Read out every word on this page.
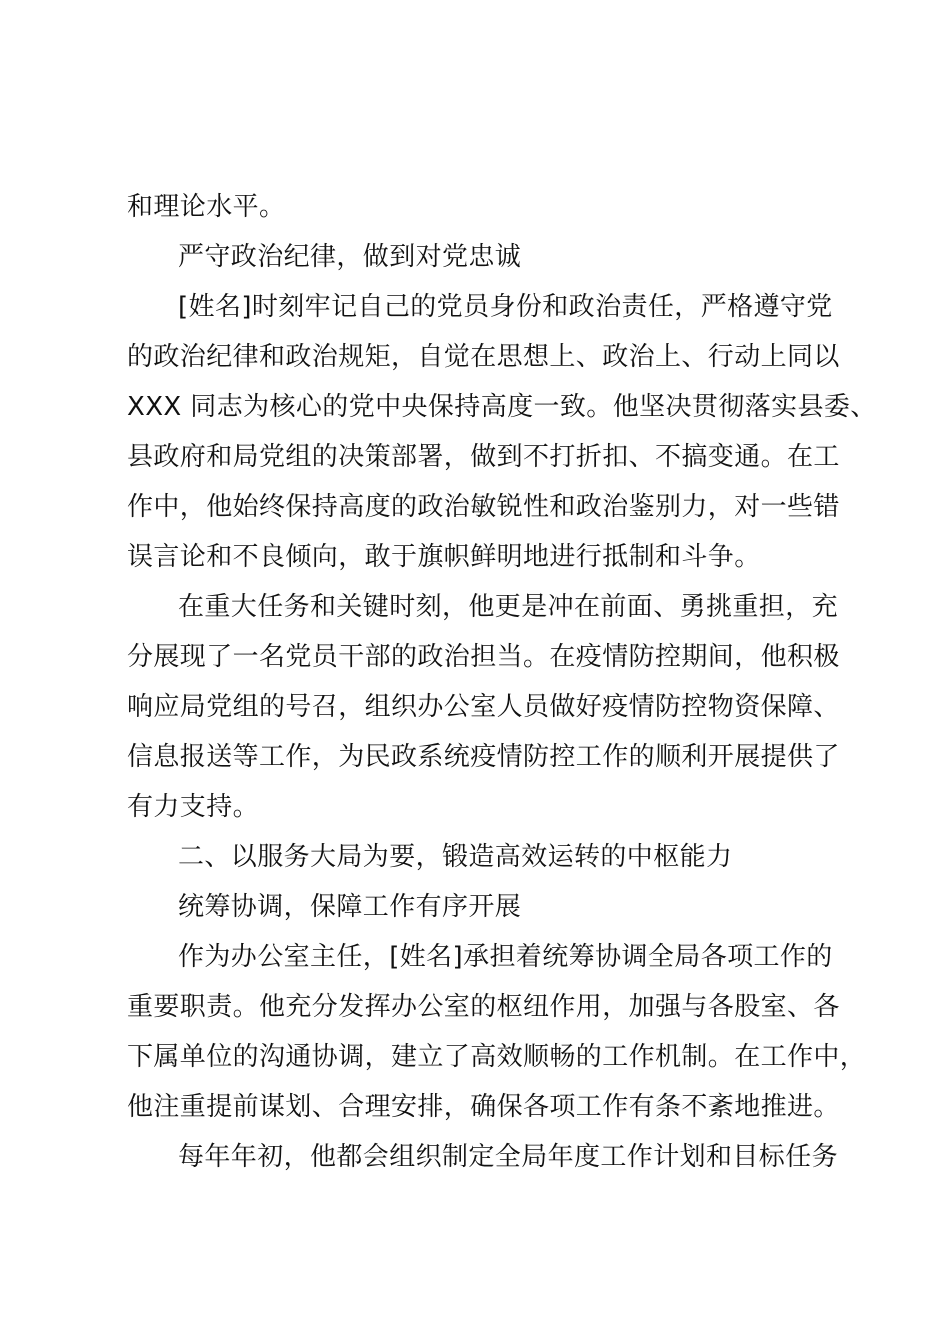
和理论水平。
严守政治纪律，做到对党忠诚
[姓名]时刻牢记自己的党员身份和政治责任，严格遵守党
的政治纪律和政治规矩，自觉在思想上、政治上、行动上同以
XXX 同志为核心的党中央保持高度一致。他坚决贯彻落实县委、
县政府和局党组的决策部署，做到不打折扣、不搞变通。在工
作中，他始终保持高度的政治敏锐性和政治鉴别力，对一些错
误言论和不良倾向，敢于旗帜鲜明地进行抵制和斗争。
在重大任务和关键时刻，他更是冲在前面、勇挑重担，充
分展现了一名党员干部的政治担当。在疫情防控期间，他积极
响应局党组的号召，组织办公室人员做好疫情防控物资保障、
信息报送等工作，为民政系统疫情防控工作的顺利开展提供了
有力支持。
二、以服务大局为要，锻造高效运转的中枢能力
统筹协调，保障工作有序开展
作为办公室主任，[姓名]承担着统筹协调全局各项工作的
重要职责。他充分发挥办公室的枢纽作用，加强与各股室、各
下属单位的沟通协调，建立了高效顺畅的工作机制。在工作中，
他注重提前谋划、合理安排，确保各项工作有条不紊地推进。
每年年初，他都会组织制定全局年度工作计划和目标任务
